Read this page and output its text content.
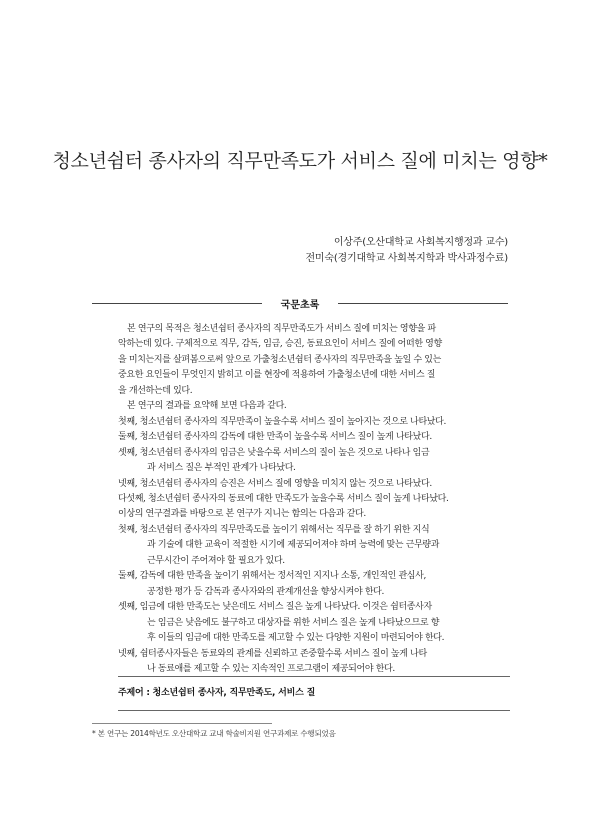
청소년쉼터 종사자의 직무만족도가 서비스 질에 미치는 영향*
이상주(오산대학교 사회복지행정과 교수)
전미숙(경기대학교 사회복지학과 박사과정수료)
국문초록

본 연구의 목적은 청소년쉼터 종사자의 직무만족도가 서비스 질에 미치는 영향을 파

악하는데 있다. 구체적으로 직무, 감독, 임금, 승진, 동료요인이 서비스 질에 어떠한 영향

을 미치는지를 살펴봄으로써 앞으로 가출청소년쉼터 종사자의 직무만족을 높일 수 있는

중요한 요인들이 무엇인지 밝히고 이를 현장에 적용하여 가출청소년에 대한 서비스 질

을 개선하는데 있다.

본 연구의 결과를 요약해 보면 다음과 같다.

첫째, 청소년쉼터 종사자의 직무만족이 높을수록 서비스 질이 높아지는 것으로 나타났다.

둘째, 청소년쉼터 종사자의 감독에 대한 만족이 높을수록 서비스 질이 높게 나타났다.

셋째, 청소년쉼터 종사자의 임금은 낮을수록 서비스의 질이 높은 것으로 나타나 임금

과 서비스 질은 부적인 관계가 나타났다.

넷째, 청소년쉼터 종사자의 승진은 서비스 질에 영향을 미치지 않는 것으로 나타났다.

다섯째, 청소년쉼터 종사자의 동료에 대한 만족도가 높을수록 서비스 질이 높게 나타났다.

이상의 연구결과를 바탕으로 본 연구가 지니는 함의는 다음과 같다.

첫째, 청소년쉼터 종사자의 직무만족도를 높이기 위해서는 직무를 잘 하기 위한 지식

과 기술에 대한 교육이 적절한 시기에 제공되어져야 하며 능력에 맞는 근무량과

근무시간이 주어져야 할 필요가 있다.

둘째, 감독에 대한 만족을 높이기 위해서는 정서적인 지지나 소통, 개인적인 관심사,

공정한 평가 등 감독과 종사자와의 관계개선을 향상시켜야 한다.

셋째, 임금에 대한 만족도는 낮은데도 서비스 질은 높게 나타났다. 이것은 쉼터종사자

는 임금은 낮음에도 불구하고 대상자를 위한 서비스 질은 높게 나타났으므로 향

후 이들의 임금에 대한 만족도를 제고할 수 있는 다양한 지원이 마련되어야 한다.

넷째, 쉼터종사자들은 동료와의 관계를 신뢰하고 존중할수록 서비스 질이 높게 나타

나 동료애를 제고할 수 있는 지속적인 프로그램이 제공되어야 한다.

주제어 : 청소년쉼터 종사자, 직무만족도, 서비스 질
* 본 연구는 2014학년도 오산대학교 교내 학술비지원 연구과제로 수행되었음
